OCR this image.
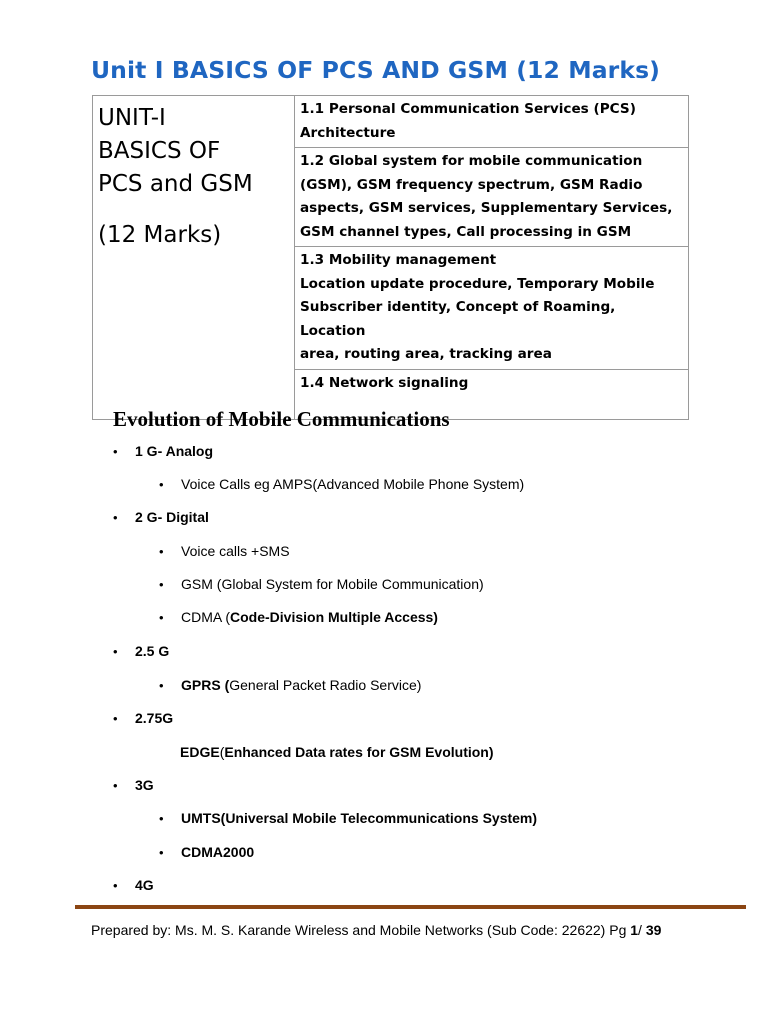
Unit I BASICS OF PCS AND GSM (12 Marks)
UNIT-I
BASICS OF
PCS and GSM
(12 Marks)

1.1 Personal Communication Services (PCS)
Architecture

1.2 Global system for mobile communication
(GSM), GSM frequency spectrum, GSM Radio
aspects, GSM services, Supplementary Services,
GSM channel types, Call processing in GSM

1.3 Mobility management
Location update procedure, Temporary Mobile
Subscriber identity, Concept of Roaming, Location
area, routing area, tracking area

1.4 Network signaling
Evolution of Mobile Communications
• 1 G- Analog
• Voice Calls eg AMPS(Advanced Mobile Phone System)
• 2 G- Digital
• Voice calls +SMS
• GSM (Global System for Mobile Communication)
• CDMA (Code-Division Multiple Access)
• 2.5 G
• GPRS (General Packet Radio Service)
• 2.75G
EDGE(Enhanced Data rates for GSM Evolution)
• 3G
• UMTS(Universal Mobile Telecommunications System)
• CDMA2000
• 4G
Prepared by: Ms. M. S. Karande Wireless and Mobile Networks (Sub Code: 22622) Pg 1/ 39
